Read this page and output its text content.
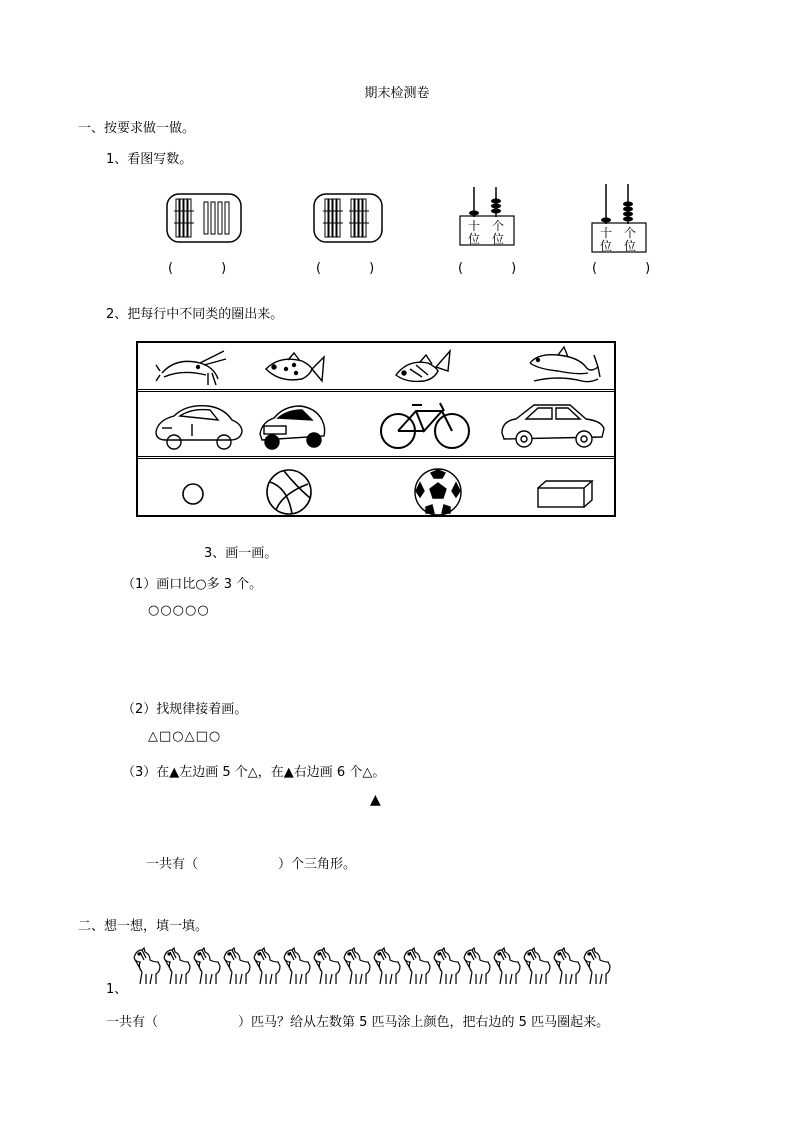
期末检测卷
一、按要求做一做。
1、看图写数。
十
位
个
位	十
位
个
位
(	)	(	)	(	)	(	)
2、把每行中不同类的圈出来。
3、画一画。
（1）画口比○多 3 个。
○○○○○
（2）找规律接着画。
△□○△□○
（3）在▲左边画 5 个△，在▲右边画 6 个△。
▲
一共有（	）个三角形。
二、想一想，填一填。
1、
一共有（	）匹马？给从左数第 5 匹马涂上颜色，把右边的 5 匹马圈起来。
